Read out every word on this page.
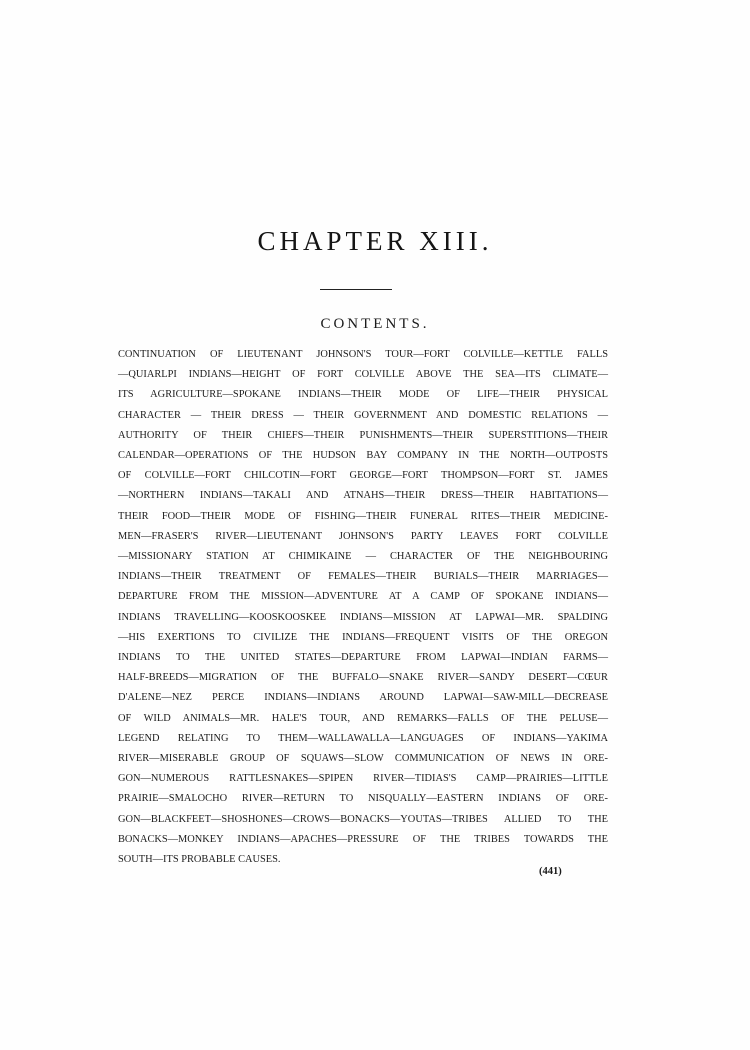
CHAPTER XIII.
CONTENTS.
CONTINUATION OF LIEUTENANT JOHNSON'S TOUR—FORT COLVILLE—KETTLE FALLS
—QUIARLPI INDIANS—HEIGHT OF FORT COLVILLE ABOVE THE SEA—ITS CLIMATE—
ITS AGRICULTURE—SPOKANE INDIANS—THEIR MODE OF LIFE—THEIR PHYSICAL
CHARACTER — THEIR DRESS — THEIR GOVERNMENT AND DOMESTIC RELATIONS —
AUTHORITY OF THEIR CHIEFS—THEIR PUNISHMENTS—THEIR SUPERSTITIONS—THEIR
CALENDAR—OPERATIONS OF THE HUDSON BAY COMPANY IN THE NORTH—OUTPOSTS
OF COLVILLE—FORT CHILCOTIN—FORT GEORGE—FORT THOMPSON—FORT ST. JAMES
—NORTHERN INDIANS—TAKALI AND ATNAHS—THEIR DRESS—THEIR HABITATIONS—
THEIR FOOD—THEIR MODE OF FISHING—THEIR FUNERAL RITES—THEIR MEDICINE-
MEN—FRASER'S RIVER—LIEUTENANT JOHNSON'S PARTY LEAVES FORT COLVILLE
—MISSIONARY STATION AT CHIMIKAINE — CHARACTER OF THE NEIGHBOURING
INDIANS—THEIR TREATMENT OF FEMALES—THEIR BURIALS—THEIR MARRIAGES—
DEPARTURE FROM THE MISSION—ADVENTURE AT A CAMP OF SPOKANE INDIANS—
INDIANS TRAVELLING—KOOSKOOSKEE INDIANS—MISSION AT LAPWAI—MR. SPALDING
—HIS EXERTIONS TO CIVILIZE THE INDIANS—FREQUENT VISITS OF THE OREGON
INDIANS TO THE UNITED STATES—DEPARTURE FROM LAPWAI—INDIAN FARMS—
HALF-BREEDS—MIGRATION OF THE BUFFALO—SNAKE RIVER—SANDY DESERT—CŒUR
D'ALENE—NEZ PERCE INDIANS—INDIANS AROUND LAPWAI—SAW-MILL—DECREASE
OF WILD ANIMALS—MR. HALE'S TOUR, AND REMARKS—FALLS OF THE PELUSE—
LEGEND RELATING TO THEM—WALLAWALLA—LANGUAGES OF INDIANS—YAKIMA
RIVER—MISERABLE GROUP OF SQUAWS—SLOW COMMUNICATION OF NEWS IN ORE-
GON—NUMEROUS RATTLESNAKES—SPIPEN RIVER—TIDIAS'S CAMP—PRAIRIES—LITTLE
PRAIRIE—SMALOCHO RIVER—RETURN TO NISQUALLY—EASTERN INDIANS OF ORE-
GON—BLACKFEET—SHOSHONES—CROWS—BONACKS—YOUTAS—TRIBES ALLIED TO THE
BONACKS—MONKEY INDIANS—APACHES—PRESSURE OF THE TRIBES TOWARDS THE
SOUTH—ITS PROBABLE CAUSES.
(441)
